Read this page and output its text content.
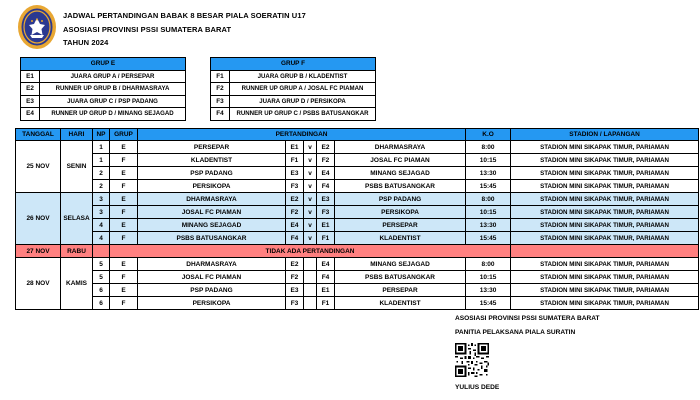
JADWAL PERTANDINGAN BABAK 8 BESAR PIALA SOERATIN U17
ASOSIASI PROVINSI PSSI SUMATERA BARAT
TAHUN 2024
GRUP E	
E1	JUARA GRUP A / PERSEPAR
E2	RUNNER UP GRUP B / DHARMASRAYA
E3	JUARA GRUP C / PSP PADANG
E4	RUNNER UP GRUP D / MINANG SEJAGAD
GRUP F	
F1	JUARA GRUP B / KLADENTIST
F2	RUNNER UP GRUP A / JOSAL FC PIAMAN
F3	JUARA GRUP D / PERSIKOPA
F4	RUNNER UP GRUP C / PSBS BATUSANGKAR
TANGGAL	HARI	NP	GRUP	PERTANDINGAN					K.O	STADION / LAPANGAN
25 NOV	SENIN	1	E	PERSEPAR	E1	v	E2	DHARMASRAYA	8:00	STADION MINI SIKAPAK TIMUR, PARIAMAN
		1	F	KLADENTIST	F1	v	F2	JOSAL FC PIAMAN	10:15	STADION MINI SIKAPAK TIMUR, PARIAMAN
		2	E	PSP PADANG	E3	v	E4	MINANG SEJAGAD	13:30	STADION MINI SIKAPAK TIMUR, PARIAMAN
		2	F	PERSIKOPA	F3	v	F4	PSBS BATUSANGKAR	15:45	STADION MINI SIKAPAK TIMUR, PARIAMAN
26 NOV	SELASA	3	E	DHARMASRAYA	E2	v	E3	PSP PADANG	8:00	STADION MINI SIKAPAK TIMUR, PARIAMAN
		3	F	JOSAL FC PIAMAN	F2	v	F3	PERSIKOPA	10:15	STADION MINI SIKAPAK TIMUR, PARIAMAN
		4	E	MINANG SEJAGAD	E4	v	E1	PERSEPAR	13:30	STADION MINI SIKAPAK TIMUR, PARIAMAN
		4	F	PSBS BATUSANGKAR	F4	v	F1	KLADENTIST	15:45	STADION MINI SIKAPAK TIMUR, PARIAMAN
27 NOV	RABU		TIDAK ADA PERTANDINGAN							
28 NOV	KAMIS	5	E	DHARMASRAYA	E2		E4	MINANG SEJAGAD	8:00	STADION MINI SIKAPAK TIMUR, PARIAMAN
		5	F	JOSAL FC PIAMAN	F2		F4	PSBS BATUSANGKAR	10:15	STADION MINI SIKAPAK TIMUR, PARIAMAN
		6	E	PSP PADANG	E3		E1	PERSEPAR	13:30	STADION MINI SIKAPAK TIMUR, PARIAMAN
		6	F	PERSIKOPA	F3		F1	KLADENTIST	15:45	STADION MINI SIKAPAK TIMUR, PARIAMAN
ASOSIASI PROVINSI PSSI SUMATERA BARAT
PANITIA PELAKSANA PIALA SURATIN
YULIUS DEDE
